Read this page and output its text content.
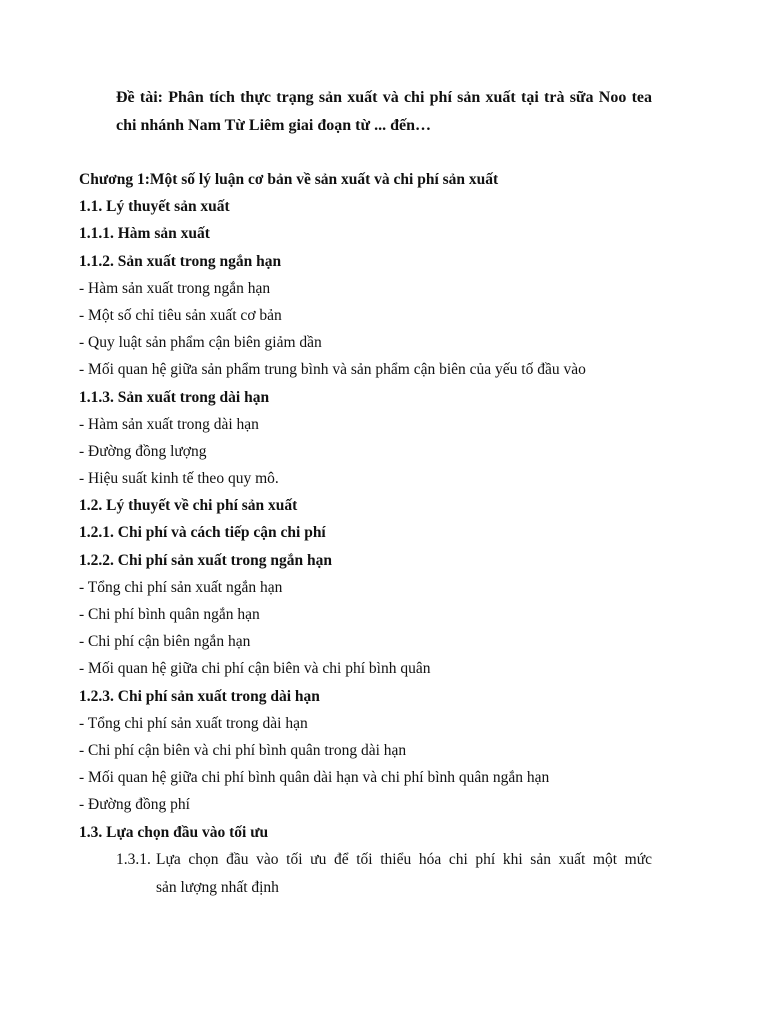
Đề tài: Phân tích thực trạng sản xuất và chi phí sản xuất tại trà sữa Noo tea chi nhánh Nam Từ Liêm giai đoạn từ ... đến…
Chương 1:Một số lý luận cơ bản về sản xuất và chi phí sản xuất
1.1. Lý thuyết sản xuất
1.1.1. Hàm sản xuất
1.1.2. Sản xuất trong ngắn hạn
- Hàm sản xuất trong ngắn hạn
- Một số chỉ tiêu sản xuất cơ bản
- Quy luật sản phẩm cận biên giảm dần
- Mối quan hệ giữa sản phẩm trung bình và sản phẩm cận biên của yếu tố đầu vào
1.1.3. Sản xuất trong dài hạn
- Hàm sản xuất trong dài hạn
- Đường đồng lượng
- Hiệu suất kinh tế theo quy mô.
1.2. Lý thuyết về chi phí sản xuất
1.2.1. Chi phí và cách tiếp cận chi phí
1.2.2. Chi phí sản xuất trong ngắn hạn
- Tổng chi phí sản xuất ngắn hạn
- Chi phí bình quân ngắn hạn
- Chi phí cận biên ngắn hạn
- Mối quan hệ giữa chi phí cận biên và chi phí bình quân
1.2.3. Chi phí sản xuất trong dài hạn
- Tổng chi phí sản xuất trong dài hạn
- Chi phí cận biên và chi phí bình quân trong dài hạn
- Mối quan hệ giữa chi phí bình quân dài hạn và chi phí bình quân ngắn hạn
- Đường đồng phí
1.3. Lựa chọn đầu vào tối ưu
1.3.1. Lựa chọn đầu vào tối ưu để tối thiểu hóa chi phí khi sản xuất một mức
sản lượng nhất định
